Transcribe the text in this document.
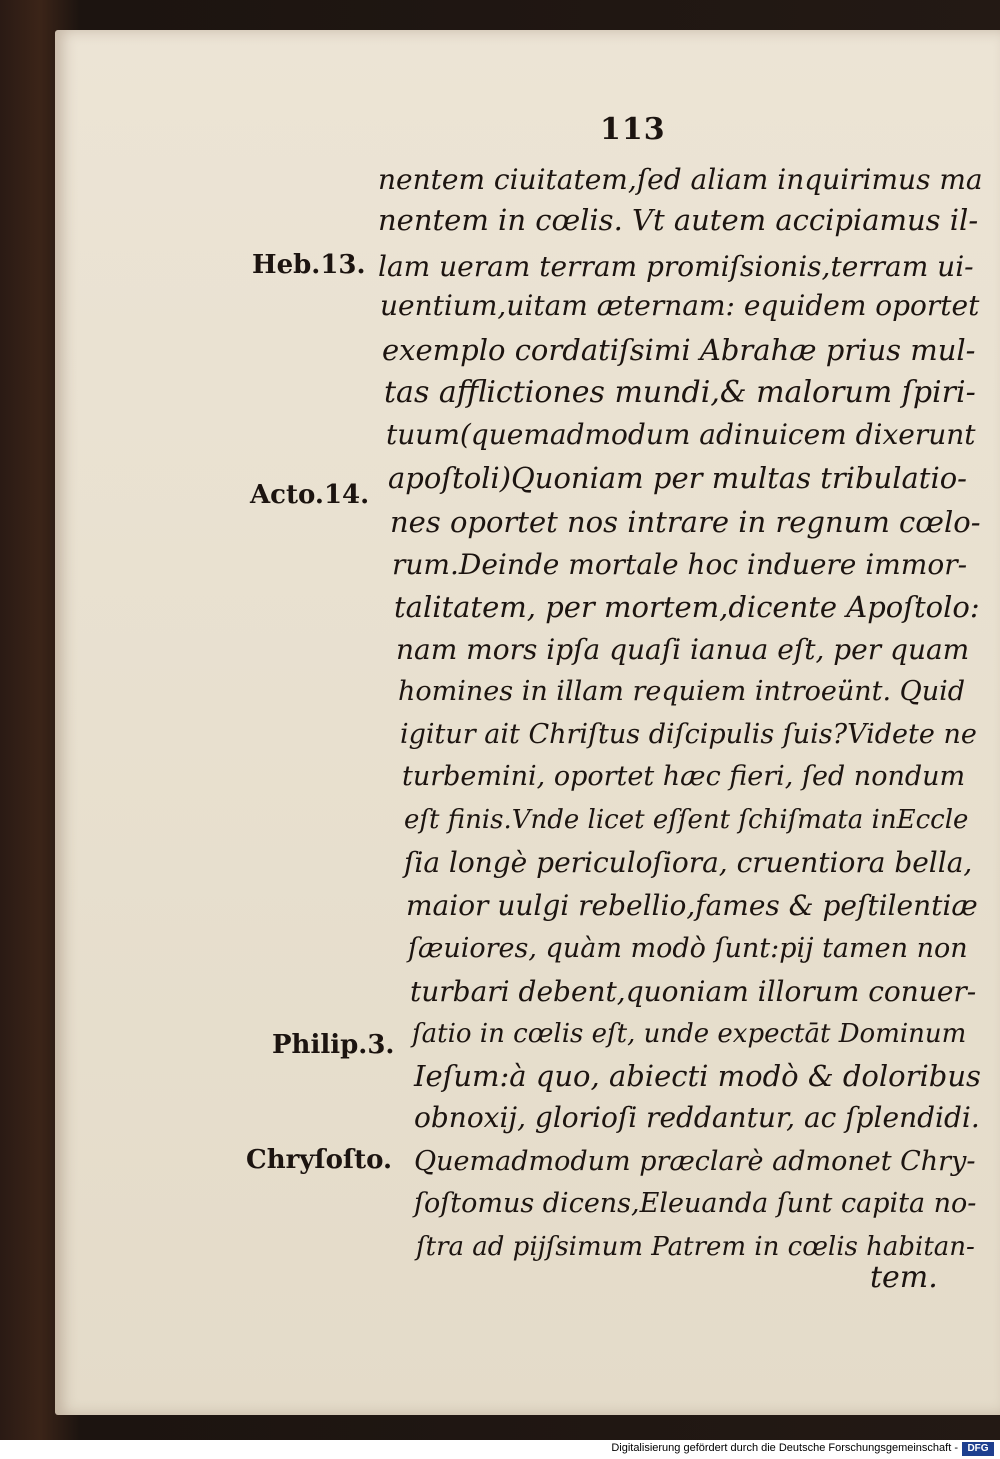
113
nentem ciuitatem,ſed aliam inquirimus ma
nentem in cœlis. Vt autem accipiamus il-
lam ueram terram promiſsionis,terram ui-
uentium,uitam æternam: equidem oportet
exemplo cordatiſsimi Abrahæ prius mul-
tas afflictiones mundi,& malorum ſpiri-
tuum(quemadmodum adinuicem dixerunt
apoſtoli)Quoniam per multas tribulatio-
nes oportet nos intrare in regnum cœlo-
rum.Deinde mortale hoc induere immor-
talitatem, per mortem,dicente Apoſtolo:
nam mors ipſa quaſi ianua eſt, per quam
homines in illam requiem introeünt. Quid
igitur ait Chriſtus diſcipulis ſuis?Videte ne
turbemini, oportet hæc fieri, ſed nondum
eſt finis.Vnde licet eſſent ſchiſmata inEccle
ſia longè periculoſiora, cruentiora bella,
maior uulgi rebellio,fames & peſtilentiæ
ſæuiores, quàm modò ſunt:pij tamen non
turbari debent,quoniam illorum conuer-
ſatio in cœlis eſt, unde expectāt Dominum
Ieſum:à quo, abiecti modò & doloribus
obnoxij, glorioſi reddantur, ac ſplendidi.
Quemadmodum præclarè admonet Chry-
ſoſtomus dicens,Eleuanda ſunt capita no-
ſtra ad pijſsimum Patrem in cœlis habitan-
tem.
Heb.13.
Acto.14.
Philip.3.
Chryſoſto.
Digitalisierung gefördert durch die Deutsche Forschungsgemeinschaft - DFG
